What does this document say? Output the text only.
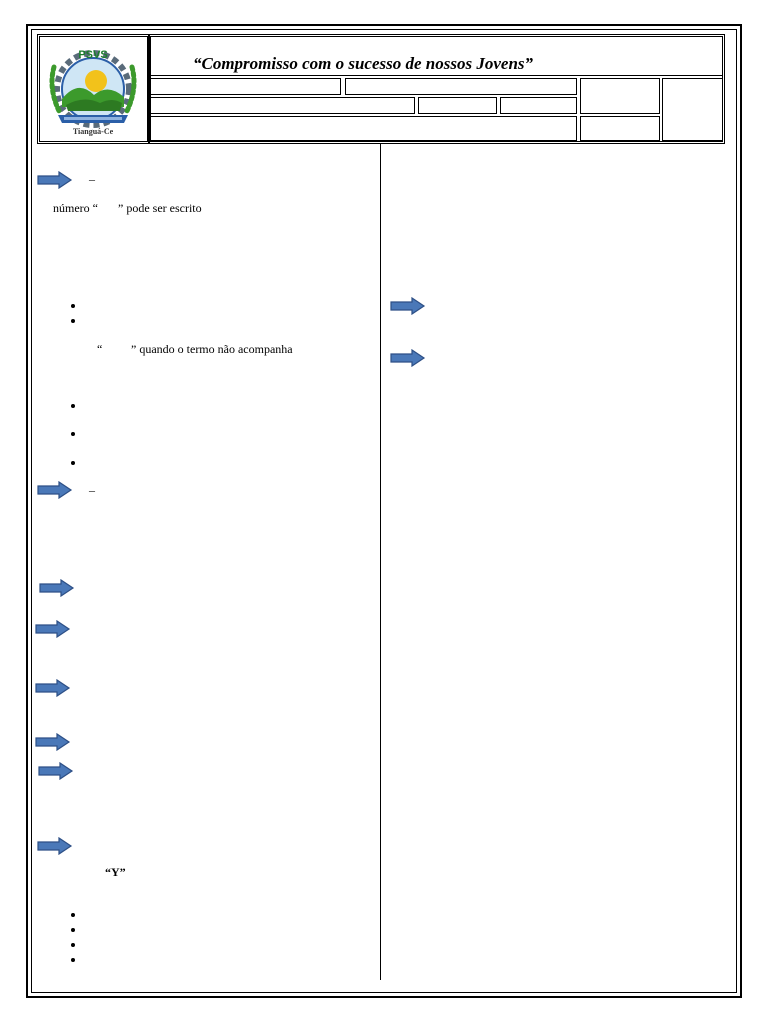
PSVS
Tianguá-Ce
“Compromisso com o sucesso de nossos Jovens”
–
número “ ” pode ser escrito
“ ” quando o termo não acompanha
–
“Y”
